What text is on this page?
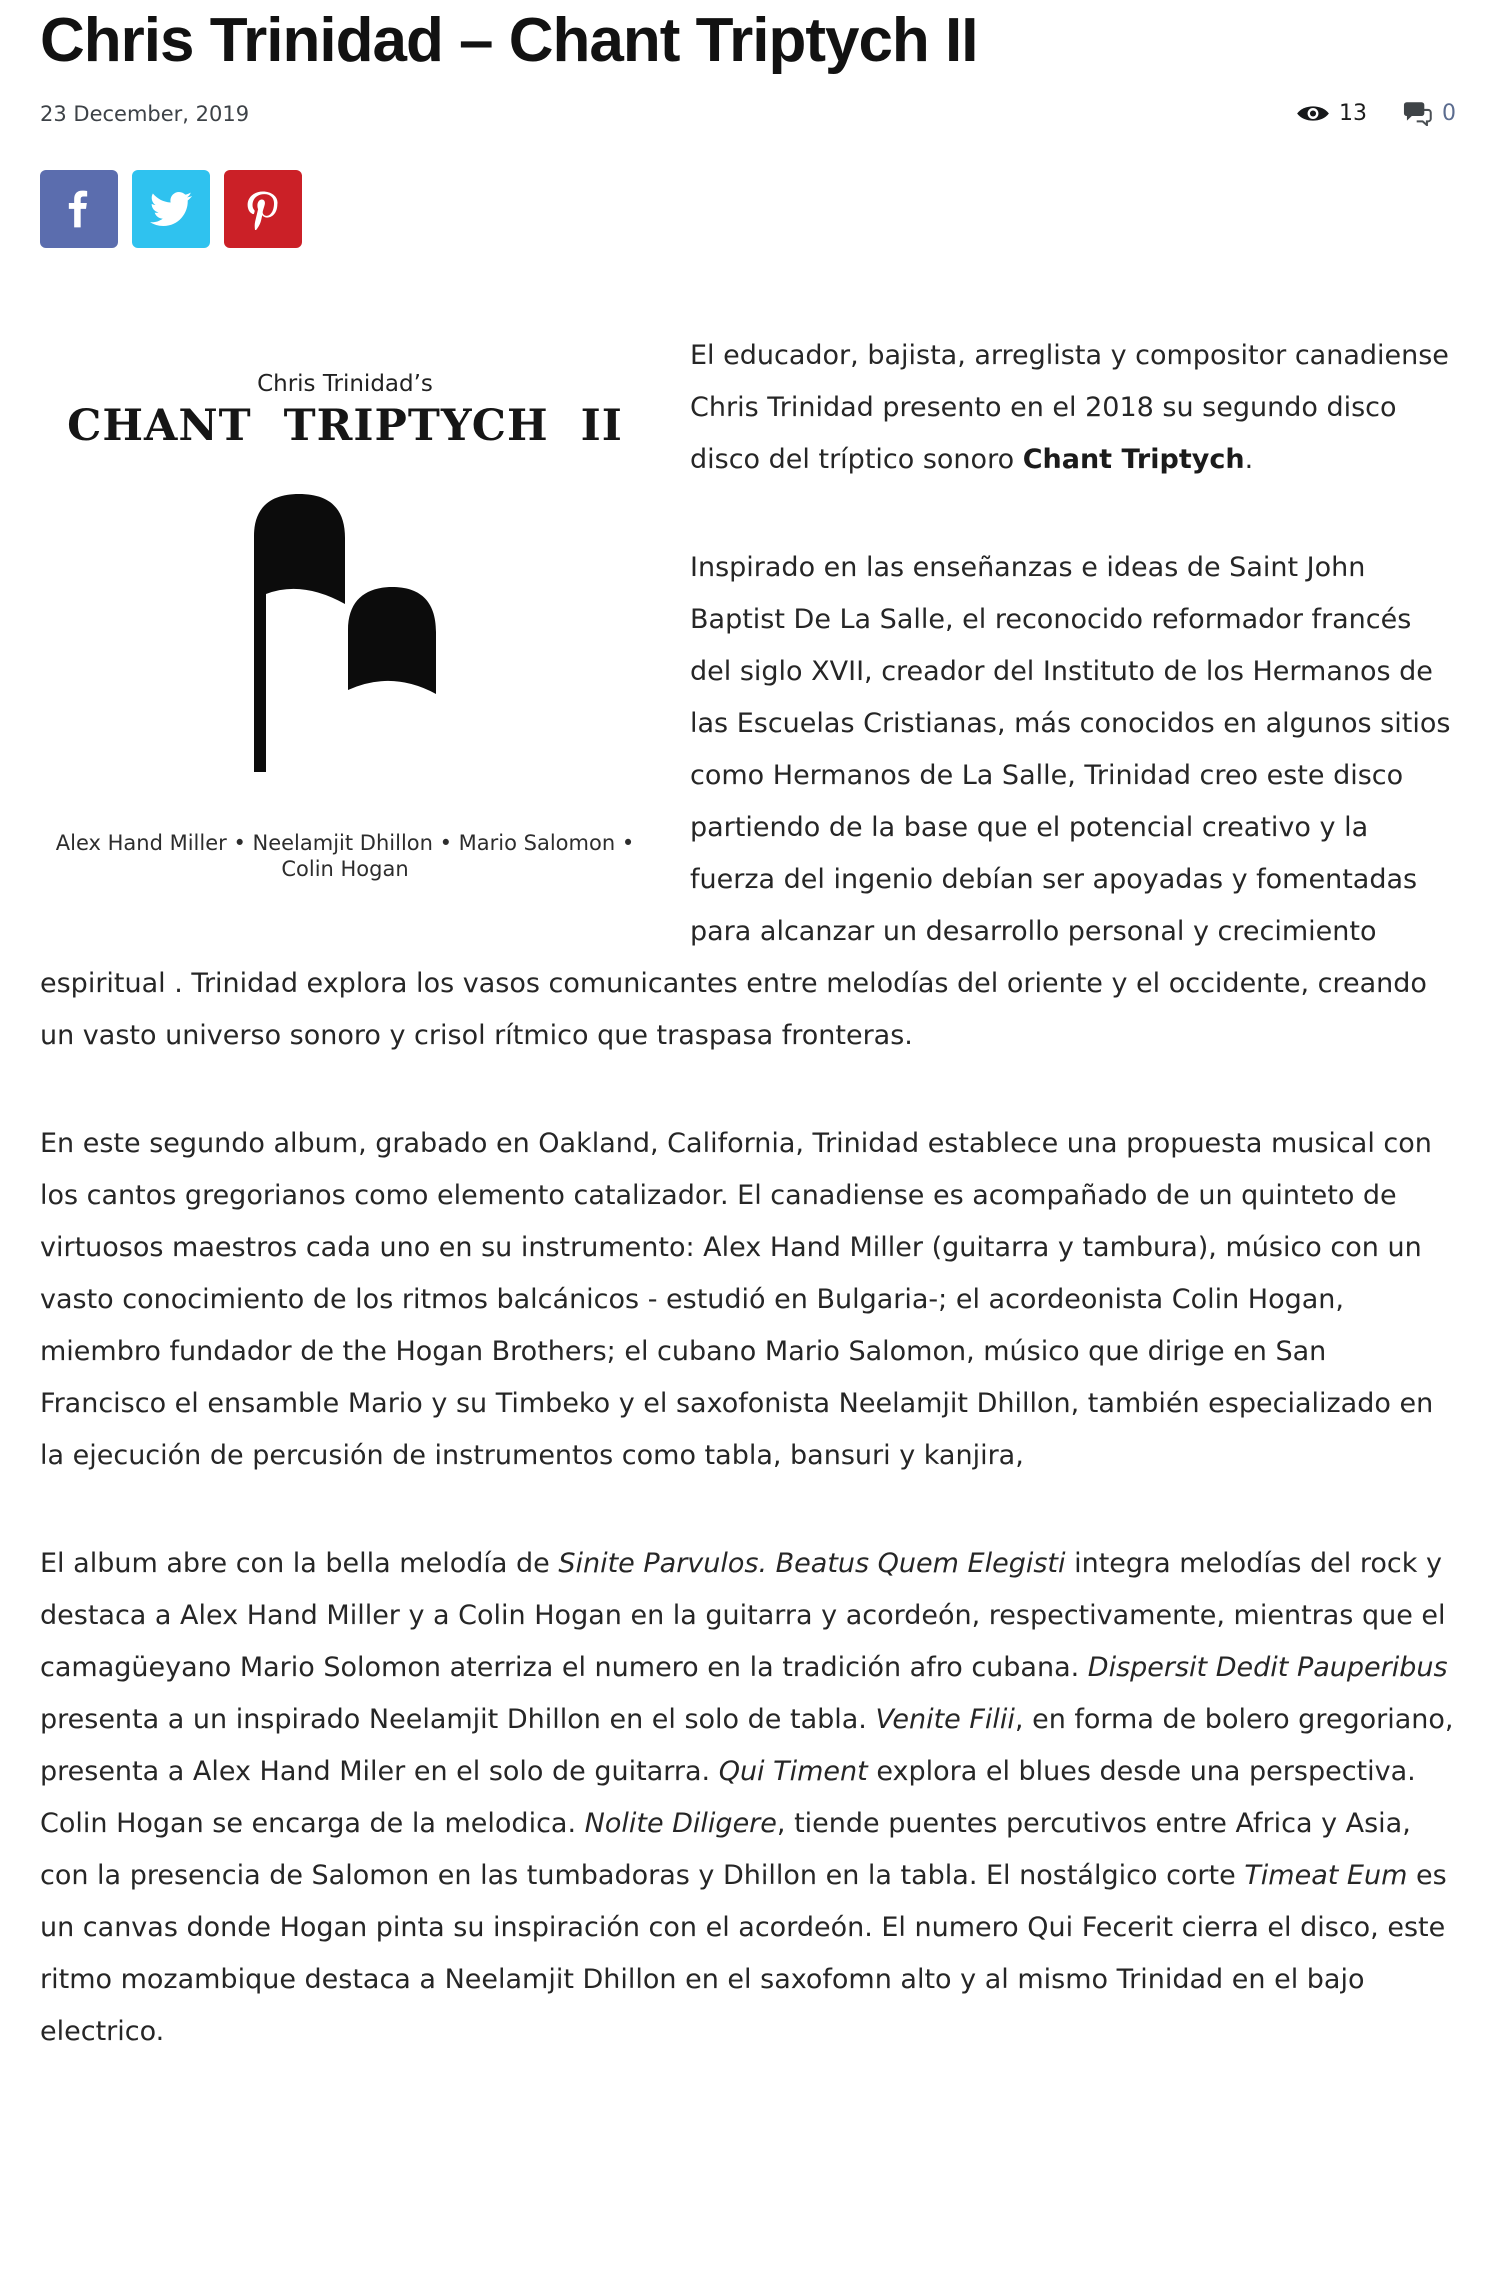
Chris Trinidad – Chant Triptych II
23 December, 2019	13	0
Chris Trinidad’s
CHANT TRIPTYCH II
Alex Hand Miller • Neelamjit Dhillon • Mario Salomon • Colin Hogan

El educador, bajista, arreglista y compositor canadiense Chris Trinidad presento en el 2018 su segundo disco disco del tríptico sonoro Chant Triptych.

Inspirado en las enseñanzas e ideas de Saint John Baptist De La Salle, el reconocido reformador francés del siglo XVII, creador del Instituto de los Hermanos de las Escuelas Cristianas, más conocidos en algunos sitios como Hermanos de La Salle, Trinidad creo este disco partiendo de la base que el potencial creativo y la fuerza del ingenio debían ser apoyadas y fomentadas para alcanzar un desarrollo personal y crecimiento espiritual . Trinidad explora los vasos comunicantes entre melodías del oriente y el occidente, creando un vasto universo sonoro y crisol rítmico que traspasa fronteras.

En este segundo album, grabado en Oakland, California, Trinidad establece una propuesta musical con los cantos gregorianos como elemento catalizador. El canadiense es acompañado de un quinteto de virtuosos maestros cada uno en su instrumento: Alex Hand Miller (guitarra y tambura), músico con un vasto conocimiento de los ritmos balcánicos - estudió en Bulgaria-; el acordeonista Colin Hogan, miembro fundador de the Hogan Brothers; el cubano Mario Salomon, músico que dirige en San Francisco el ensamble Mario y su Timbeko y el saxofonista Neelamjit Dhillon, también especializado en la ejecución de percusión de instrumentos como tabla, bansuri y kanjira,

El album abre con la bella melodía de Sinite Parvulos. Beatus Quem Elegisti integra melodías del rock y destaca a Alex Hand Miller y a Colin Hogan en la guitarra y acordeón, respectivamente, mientras que el camagüeyano Mario Solomon aterriza el numero en la tradición afro cubana. Dispersit Dedit Pauperibus presenta a un inspirado Neelamjit Dhillon en el solo de tabla. Venite Filii, en forma de bolero gregoriano, presenta a Alex Hand Miler en el solo de guitarra. Qui Timent explora el blues desde una perspectiva. Colin Hogan se encarga de la melodica. Nolite Diligere, tiende puentes percutivos entre Africa y Asia, con la presencia de Salomon en las tumbadoras y Dhillon en la tabla. El nostálgico corte Timeat Eum es un canvas donde Hogan pinta su inspiración con el acordeón. El numero Qui Fecerit cierra el disco, este ritmo mozambique destaca a Neelamjit Dhillon en el saxofomn alto y al mismo Trinidad en el bajo electrico.
